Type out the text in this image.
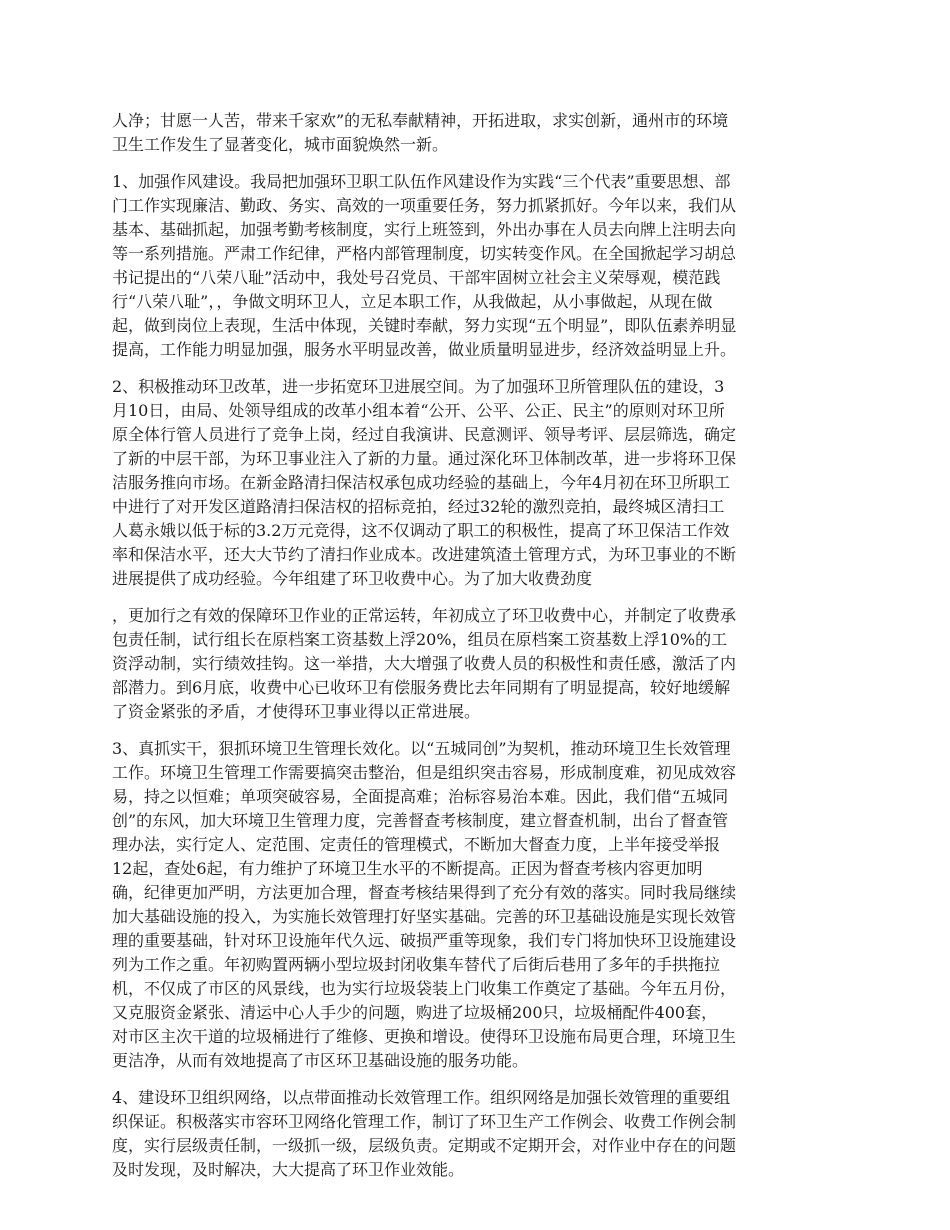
人净；甘愿一人苦，带来千家欢”的无私奉献精神，开拓进取，求实创新，通州市的环境
卫生工作发生了显著变化，城市面貌焕然一新。

1、加强作风建设。我局把加强环卫职工队伍作风建设作为实践“三个代表”重要思想、部
门工作实现廉洁、勤政、务实、高效的一项重要任务，努力抓紧抓好。今年以来，我们从
基本、基础抓起，加强考勤考核制度，实行上班签到，外出办事在人员去向牌上注明去向
等一系列措施。严肃工作纪律，严格内部管理制度，切实转变作风。在全国掀起学习胡总
书记提出的“八荣八耻”活动中，我处号召党员、干部牢固树立社会主义荣辱观，模范践
行“八荣八耻”，，争做文明环卫人，立足本职工作，从我做起，从小事做起，从现在做
起，做到岗位上表现，生活中体现，关键时奉献，努力实现“五个明显”，即队伍素养明显
提高，工作能力明显加强，服务水平明显改善，做业质量明显进步，经济效益明显上升。

2、积极推动环卫改革，进一步拓宽环卫进展空间。为了加强环卫所管理队伍的建设，3
月10日，由局、处领导组成的改革小组本着“公开、公平、公正、民主”的原则对环卫所
原全体行管人员进行了竞争上岗，经过自我演讲、民意测评、领导考评、层层筛选，确定
了新的中层干部，为环卫事业注入了新的力量。通过深化环卫体制改革，进一步将环卫保
洁服务推向市场。在新金路清扫保洁权承包成功经验的基础上，今年4月初在环卫所职工
中进行了对开发区道路清扫保洁权的招标竞拍，经过32轮的激烈竞拍，最终城区清扫工
人葛永娥以低于标的3.2万元竞得，这不仅调动了职工的积极性，提高了环卫保洁工作效
率和保洁水平，还大大节约了清扫作业成本。改进建筑渣土管理方式，为环卫事业的不断
进展提供了成功经验。今年组建了环卫收费中心。为了加大收费劲度

，更加行之有效的保障环卫作业的正常运转，年初成立了环卫收费中心，并制定了收费承
包责任制，试行组长在原档案工资基数上浮20%，组员在原档案工资基数上浮10%的工
资浮动制，实行绩效挂钩。这一举措，大大增强了收费人员的积极性和责任感，激活了内
部潜力。到6月底，收费中心已收环卫有偿服务费比去年同期有了明显提高，较好地缓解
了资金紧张的矛盾，才使得环卫事业得以正常进展。

3、真抓实干，狠抓环境卫生管理长效化。以“五城同创”为契机，推动环境卫生长效管理
工作。环境卫生管理工作需要搞突击整治，但是组织突击容易，形成制度难，初见成效容
易，持之以恒难；单项突破容易，全面提高难；治标容易治本难。因此，我们借“五城同
创”的东风，加大环境卫生管理力度，完善督查考核制度，建立督查机制，出台了督查管
理办法，实行定人、定范围、定责任的管理模式，不断加大督查力度，上半年接受举报
12起，查处6起，有力维护了环境卫生水平的不断提高。正因为督查考核内容更加明
确，纪律更加严明，方法更加合理，督查考核结果得到了充分有效的落实。同时我局继续
加大基础设施的投入，为实施长效管理打好坚实基础。完善的环卫基础设施是实现长效管
理的重要基础，针对环卫设施年代久远、破损严重等现象，我们专门将加快环卫设施建设
列为工作之重。年初购置两辆小型垃圾封闭收集车替代了后街后巷用了多年的手拱拖拉
机，不仅成了市区的风景线，也为实行垃圾袋装上门收集工作奠定了基础。今年五月份，
又克服资金紧张、清运中心人手少的问题，购进了垃圾桶200只，垃圾桶配件400套，
对市区主次干道的垃圾桶进行了维修、更换和增设。使得环卫设施布局更合理，环境卫生
更洁净，从而有效地提高了市区环卫基础设施的服务功能。

4、建设环卫组织网络，以点带面推动长效管理工作。组织网络是加强长效管理的重要组
织保证。积极落实市容环卫网络化管理工作，制订了环卫生产工作例会、收费工作例会制
度，实行层级责任制，一级抓一级，层级负责。定期或不定期开会，对作业中存在的问题
及时发现，及时解决，大大提高了环卫作业效能。
